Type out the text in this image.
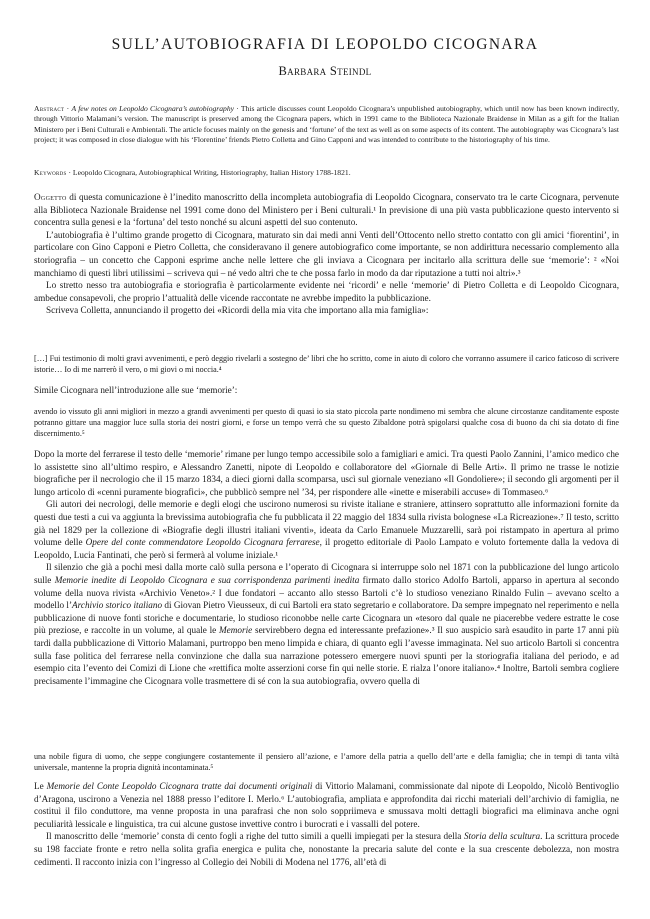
SULL’AUTOBIOGRAFIA DI LEOPOLDO CICOGNARA
Barbara Steindl
Abstract · A few notes on Leopoldo Cicognara’s autobiography · This article discusses count Leopoldo Cicognara’s unpublished autobiography, which until now has been known indirectly, through Vittorio Malamani’s version. The manuscript is preserved among the Cicognara papers, which in 1991 came to the Biblioteca Nazionale Braidense in Milan as a gift for the Italian Ministero per i Beni Culturali e Ambientali. The article focuses mainly on the genesis and ‘fortune’ of the text as well as on some aspects of its content. The autobiography was Cicognara’s last project; it was composed in close dialogue with his ‘Florentine’ friends Pietro Colletta and Gino Capponi and was intended to contribute to the historiography of his time.
Keywords · Leopoldo Cicognara, Autobiographical Writing, Historiography, Italian History 1788-1821.

Oggetto di questa comunicazione è l’inedito manoscritto della incompleta autobiografia di Leopoldo Cicognara, conservato tra le carte Cicognara, pervenute alla Biblioteca Nazionale Braidense nel 1991 come dono del Ministero per i Beni culturali.¹ In previsione di una più vasta pubblicazione questo intervento si concentra sulla genesi e la ‘fortuna’ del testo nonché su alcuni aspetti del suo contenuto.

L’autobiografia è l’ultimo grande progetto di Cicognara, maturato sin dai medi anni Venti dell’Ottocento nello stretto contatto con gli amici ‘fiorentini’, in particolare con Gino Capponi e Pietro Colletta, che consideravano il genere autobiografico come importante, se non addirittura necessario complemento alla storiografia – un concetto che Capponi esprime anche nelle lettere che gli inviava a Cicognara per incitarlo alla scrittura delle sue ‘memorie’: ² «Noi manchiamo di questi libri utilissimi – scriveva qui – né vedo altri che te che possa farlo in modo da dar riputazione a tutti noi altri».³

Lo stretto nesso tra autobiografia e storiografia è particolarmente evidente nei ‘ricordi’ e nelle ‘memorie’ di Pietro Colletta e di Leopoldo Cicognara, ambedue consapevoli, che proprio l’attualità delle vicende raccontate ne avrebbe impedito la pubblicazione.

Scriveva Colletta, annunciando il progetto dei «Ricordi della mia vita che importano alla mia famiglia»:

[…] Fui testimonio di molti gravi avvenimenti, e però deggio rivelarli a sostegno de’ libri che ho scritto, come in aiuto di coloro che vorranno assumere il carico faticoso di scrivere istorie… Io di me narrerò il vero, o mi giovi o mi noccia.⁴

Simile Cicognara nell’introduzione alle sue ‘memorie’:

avendo io vissuto gli anni migliori in mezzo a grandi avvenimenti per questo di quasi io sia stato piccola parte nondimeno mi sembra che alcune circostanze canditamente esposte potranno gittare una maggior luce sulla storia dei nostri giorni, e forse un tempo verrà che su questo Zibaldone potrà spigolarsi qualche cosa di buono da chi sia dotato di fine discernimento.⁵

Dopo la morte del ferrarese il testo delle ‘memorie’ rimane per lungo tempo accessibile solo a famigliari e amici. Tra questi Paolo Zannini, l’amico medico che lo assistette sino all’ultimo respiro, e Alessandro Zanetti, nipote di Leopoldo e collaboratore del «Giornale di Belle Arti». Il primo ne trasse le notizie biografiche per il necrologio che il 15 marzo 1834, a dieci giorni dalla scomparsa, uscì sul giornale veneziano «Il Gondoliere»; il secondo gli argomenti per il lungo articolo di «cenni puramente biografici», che pubblicò sempre nel ’34, per rispondere alle «inette e miserabili accuse» di Tommaseo.⁶

Gli autori dei necrologi, delle memorie e degli elogi che uscirono numerosi su riviste italiane e straniere, attinsero soprattutto alle informazioni fornite da questi due testi a cui va aggiunta la brevissima autobiografia che fu pubblicata il 22 maggio del 1834 sulla rivista bolognese «La Ricreazione».⁷ Il testo, scritto già nel 1829 per la collezione di «Biografie degli illustri italiani viventi», ideata da Carlo Emanuele Muzzarelli, sarà poi ristampato in apertura al primo volume delle Opere del conte commendatore Leopoldo Cicognara ferrarese, il progetto editoriale di Paolo Lampato e voluto fortemente dalla la vedova di Leopoldo, Lucia Fantinati, che però si fermerà al volume iniziale.¹

Il silenzio che già a pochi mesi dalla morte calò sulla persona e l’operato di Cicognara si interruppe solo nel 1871 con la pubblicazione del lungo articolo sulle Memorie inedite di Leopoldo Cicognara e sua corrispondenza parimenti inedita firmato dallo storico Adolfo Bartoli, apparso in apertura al secondo volume della nuova rivista «Archivio Veneto».² I due fondatori – accanto allo stesso Bartoli c’è lo studioso veneziano Rinaldo Fulin – avevano scelto a modello l’Archivio storico italiano di Giovan Pietro Vieusseux, di cui Bartoli era stato segretario e collaboratore. Da sempre impegnato nel reperimento e nella pubblicazione di nuove fonti storiche e documentarie, lo studioso riconobbe nelle carte Cicognara un «tesoro dal quale ne piacerebbe vedere estratte le cose più preziose, e raccolte in un volume, al quale le Memorie servirebbero degna ed interessante prefazione».³ Il suo auspicio sarà esaudito in parte 17 anni più tardi dalla pubblicazione di Vittorio Malamani, purtroppo ben meno limpida e chiara, di quanto egli l’avesse immaginata. Nel suo articolo Bartoli si concentra sulla fase politica del ferrarese nella convinzione che dalla sua narrazione potessero emergere nuovi spunti per la storiografia italiana del periodo, e ad esempio cita l’evento dei Comizi di Lione che «rettifica molte asserzioni corse fin qui nelle storie. E rialza l’onore italiano».⁴ Inoltre, Bartoli sembra cogliere precisamente l’immagine che Cicognara volle trasmettere di sé con la sua autobiografia, ovvero quella di

una nobile figura di uomo, che seppe congiungere costantemente il pensiero all’azione, e l’amore della patria a quello dell’arte e della famiglia; che in tempi di tanta viltà universale, mantenne la propria dignità incontaminata.⁵

Le Memorie del Conte Leopoldo Cicognara tratte dai documenti originali di Vittorio Malamani, commissionate dal nipote di Leopoldo, Nicolò Bentivoglio d’Aragona, uscirono a Venezia nel 1888 presso l’editore I. Merlo.⁶ L’autobiografia, ampliata e approfondita dai ricchi materiali dell’archivio di famiglia, ne costituì il filo conduttore, ma venne proposta in una parafrasi che non solo soppriimeva e smussava molti dettagli biografici ma eliminava anche ogni peculiarità lessicale e linguistica, tra cui alcune gustose invettive contro i burocrati e i vassalli del potere.

Il manoscritto delle ‘memorie’ consta di cento fogli a righe del tutto simili a quelli impiegati per la stesura della Storia della scultura. La scrittura procede su 198 facciate fronte e retro nella solita grafia energica e pulita che, nonostante la precaria salute del conte e la sua crescente debolezza, non mostra cedimenti. Il racconto inizia con l’ingresso al Collegio dei Nobili di Modena nel 1776, all’età di
